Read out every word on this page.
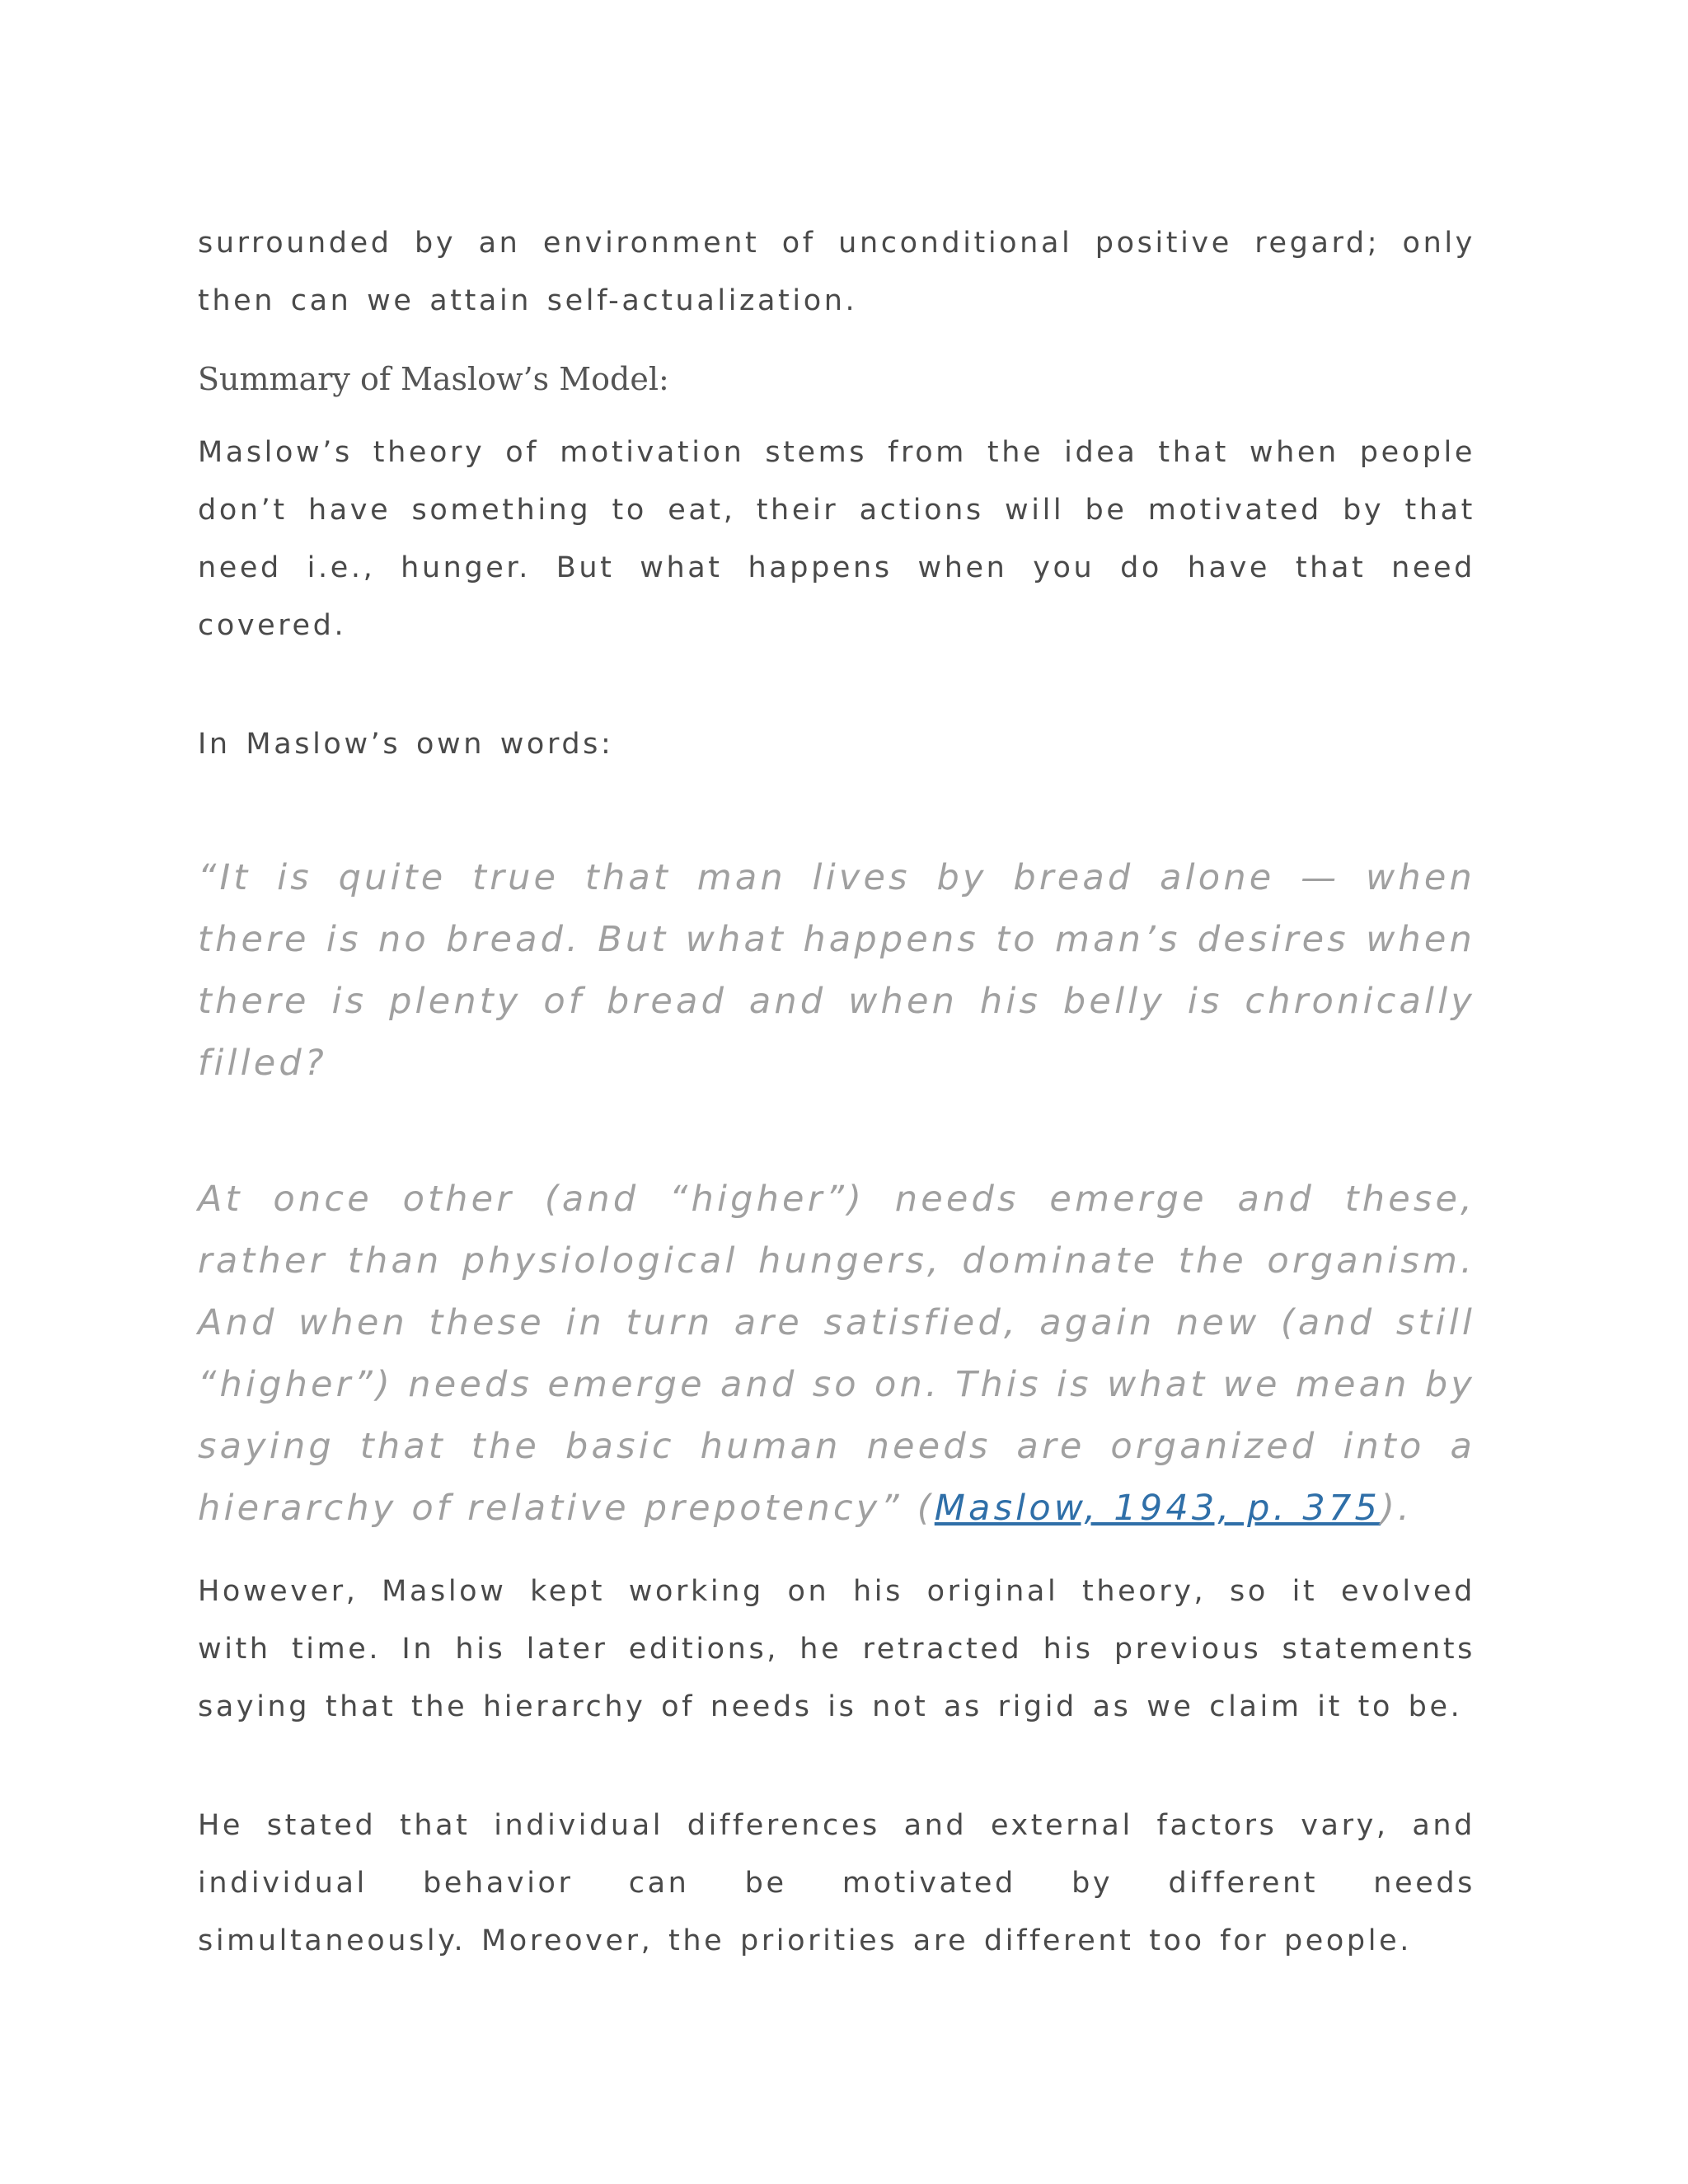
surrounded by an environment of unconditional positive regard; only then can we attain self-actualization.

Summary of Maslow’s Model:

Maslow’s theory of motivation stems from the idea that when people don’t have something to eat, their actions will be motivated by that need i.e., hunger. But what happens when you do have that need covered.

In Maslow’s own words:

“It is quite true that man lives by bread alone — when there is no bread. But what happens to man’s desires when there is plenty of bread and when his belly is chronically filled?

At once other (and “higher”) needs emerge and these, rather than physiological hungers, dominate the organism. And when these in turn are satisfied, again new (and still “higher”) needs emerge and so on. This is what we mean by saying that the basic human needs are organized into a hierarchy of relative prepotency” (Maslow, 1943, p. 375).

However, Maslow kept working on his original theory, so it evolved with time. In his later editions, he retracted his previous statements saying that the hierarchy of needs is not as rigid as we claim it to be.

He stated that individual differences and external factors vary, and individual behavior can be motivated by different needs simultaneously. Moreover, the priorities are different too for people.
